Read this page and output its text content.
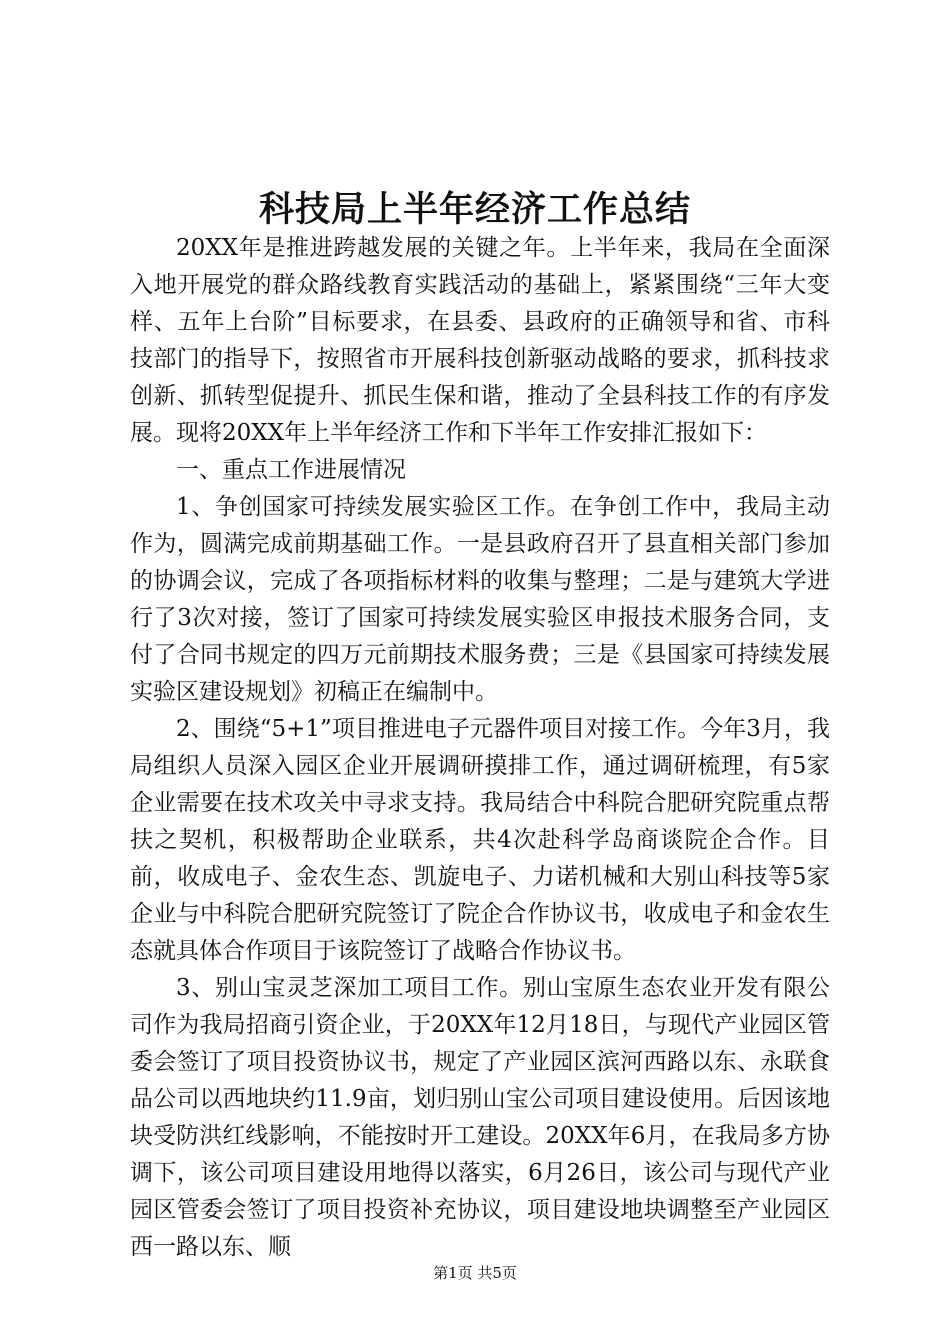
科技局上半年经济工作总结

20XX年是推进跨越发展的关键之年。上半年来，我局在全面深入地开展党的群众路线教育实践活动的基础上，紧紧围绕“三年大变样、五年上台阶”目标要求，在县委、县政府的正确领导和省、市科技部门的指导下，按照省市开展科技创新驱动战略的要求，抓科技求创新、抓转型促提升、抓民生保和谐，推动了全县科技工作的有序发展。现将20XX年上半年经济工作和下半年工作安排汇报如下：

一、重点工作进展情况

1、争创国家可持续发展实验区工作。在争创工作中，我局主动作为，圆满完成前期基础工作。一是县政府召开了县直相关部门参加的协调会议，完成了各项指标材料的收集与整理；二是与建筑大学进行了3次对接，签订了国家可持续发展实验区申报技术服务合同，支付了合同书规定的四万元前期技术服务费；三是《县国家可持续发展实验区建设规划》初稿正在编制中。

2、围绕“5+1”项目推进电子元器件项目对接工作。今年3月，我局组织人员深入园区企业开展调研摸排工作，通过调研梳理，有5家企业需要在技术攻关中寻求支持。我局结合中科院合肥研究院重点帮扶之契机，积极帮助企业联系，共4次赴科学岛商谈院企合作。目前，收成电子、金农生态、凯旋电子、力诺机械和大别山科技等5家企业与中科院合肥研究院签订了院企合作协议书，收成电子和金农生态就具体合作项目于该院签订了战略合作协议书。

3、别山宝灵芝深加工项目工作。别山宝原生态农业开发有限公司作为我局招商引资企业，于20XX年12月18日，与现代产业园区管委会签订了项目投资协议书，规定了产业园区滨河西路以东、永联食品公司以西地块约11.9亩，划归别山宝公司项目建设使用。后因该地块受防洪红线影响，不能按时开工建设。20XX年6月，在我局多方协调下，该公司项目建设用地得以落实，6月26日，该公司与现代产业园区管委会签订了项目投资补充协议，项目建设地块调整至产业园区西一路以东、顺

第1页 共5页
